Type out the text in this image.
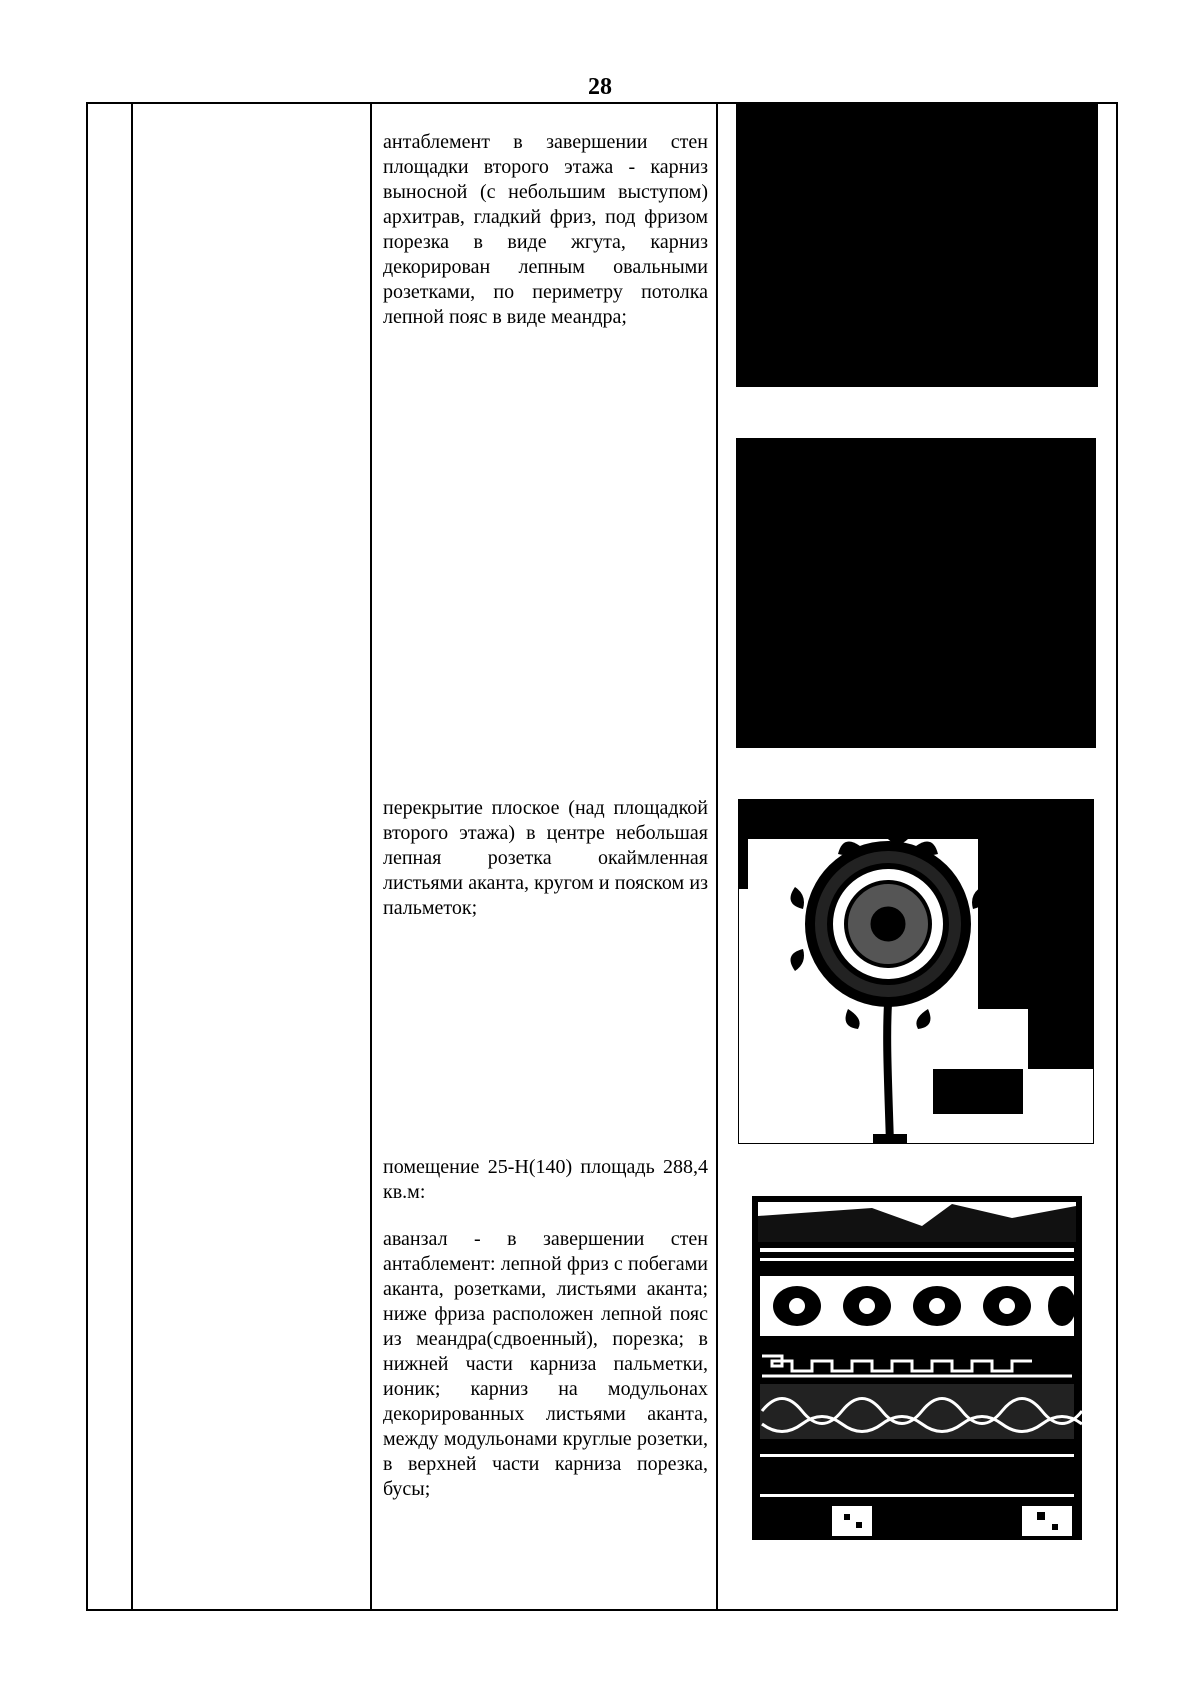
28

антаблемент в завершении стен площадки второго этажа - карниз выносной (с небольшим выступом) архитрав, гладкий фриз, под фризом порезка в виде жгута, карниз декорирован лепным овальными розетками, по периметру потолка лепной пояс в виде меандра;

перекрытие плоское (над площадкой второго этажа) в центре небольшая лепная розетка окаймленная листьями аканта, кругом и пояском из пальметок;

помещение 25-Н(140) площадь 288,4 кв.м:

аванзал - в завершении стен антаблемент: лепной фриз с побегами аканта, розетками, листьями аканта; ниже фриза расположен лепной пояс из меандра(сдвоенный), порезка; в нижней части карниза пальметки, ионик; карниз на модульонах декорированных листьями аканта, между модульонами круглые розетки, в верхней части карниза порезка, бусы;
